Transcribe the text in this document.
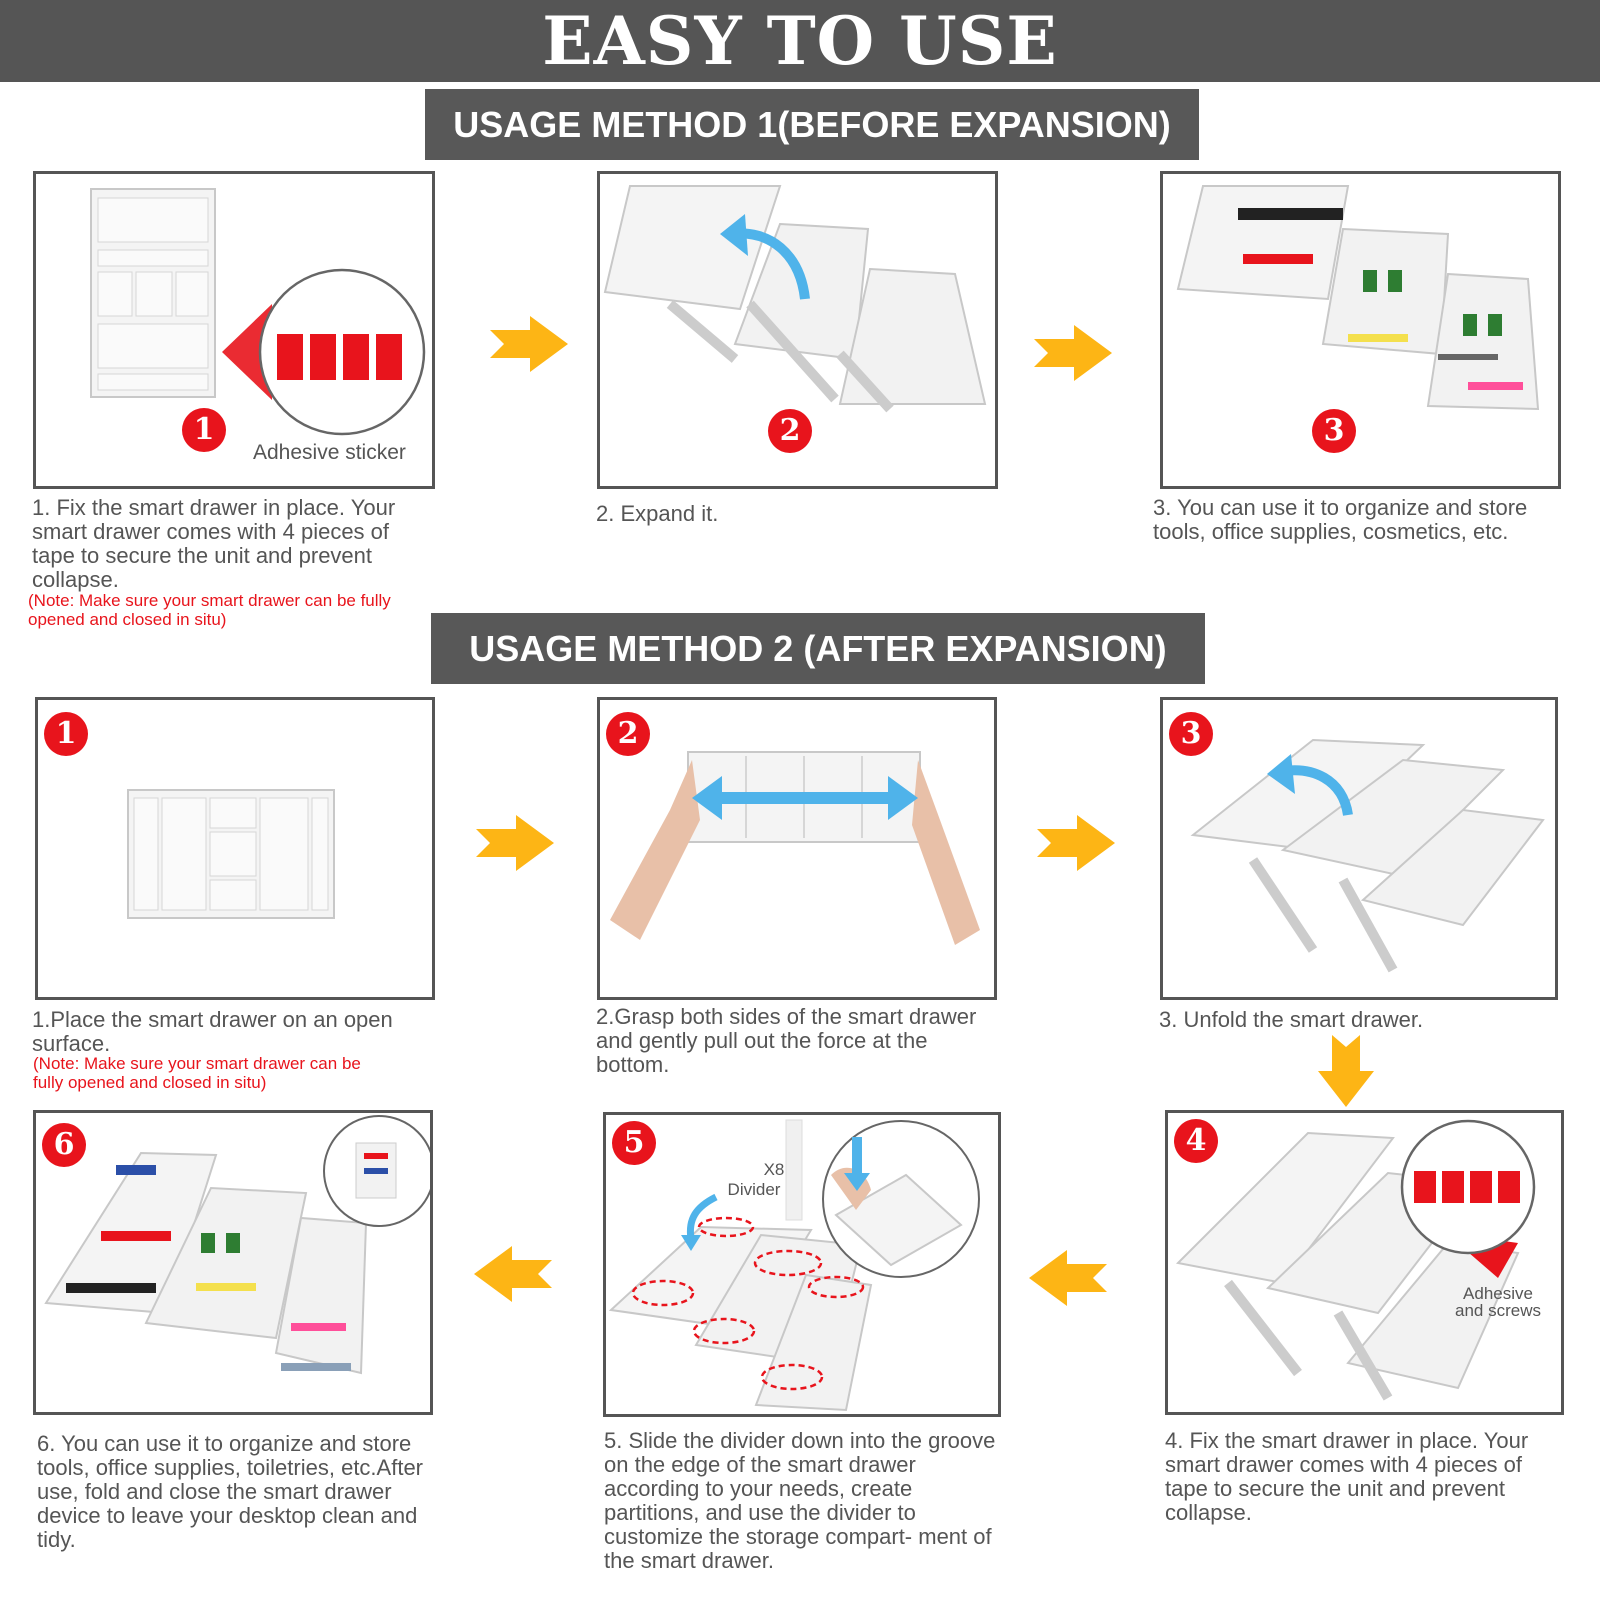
EASY TO USE
USAGE METHOD 1(BEFORE EXPANSION)
1
Adhesive sticker
1. Fix the smart drawer in place. Your smart drawer comes with 4 pieces of tape to secure the unit and prevent collapse.
(Note: Make sure your smart drawer can be fully opened and closed in situ)
2
2. Expand it.
3
3. You can use it to organize and store tools, office supplies, cosmetics, etc.
USAGE METHOD 2 (AFTER EXPANSION)
1
1.Place the smart drawer on an open surface.
(Note: Make sure your smart drawer can be fully opened and closed in situ)
2
2.Grasp both sides of the smart drawer and gently pull out the force at the bottom.
3
3. Unfold the smart drawer.
6
6. You can use it to organize and store tools, office supplies, toiletries, etc.After use, fold and close the smart drawer device to leave your desktop clean and tidy.
5
X8
Divider
5. Slide the divider down into the groove on the edge of the smart drawer according to your needs, create partitions, and use the divider to customize the storage compart- ment of the smart drawer.
4
Adhesive
and screws
4. Fix the smart drawer in place. Your smart drawer comes with 4 pieces of tape to secure the unit and prevent collapse.
